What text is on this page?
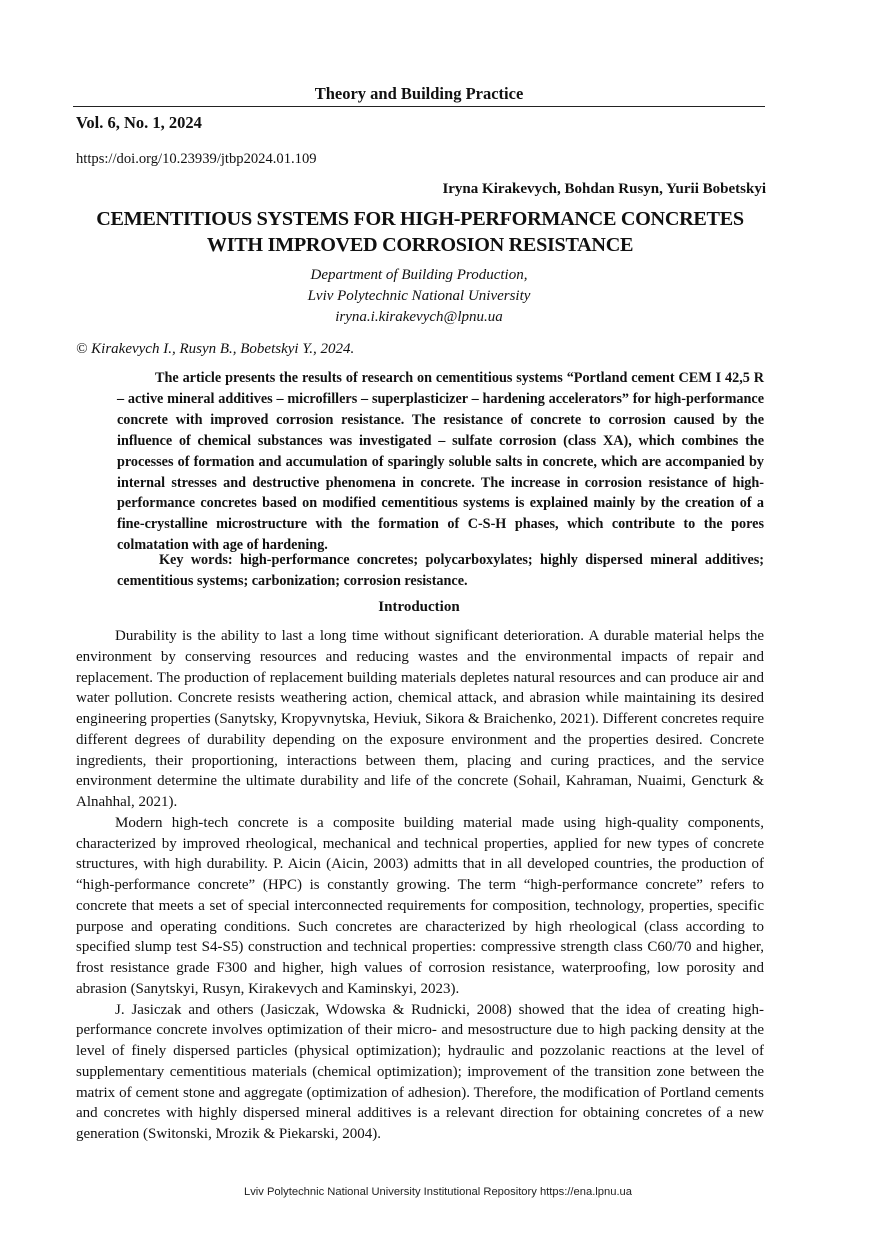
Theory and Building Practice
Vol. 6, No. 1, 2024
https://doi.org/10.23939/jtbp2024.01.109
Iryna Kirakevych, Bohdan Rusyn, Yurii Bobetskyi
CEMENTITIOUS SYSTEMS FOR HIGH-PERFORMANCE CONCRETES
WITH IMPROVED CORROSION RESISTANCE
Department of Building Production,
Lviv Polytechnic National University
iryna.i.kirakevych@lpnu.ua
© Kirakevych I., Rusyn B., Bobetskyi Y., 2024.

The article presents the results of research on cementitious systems “Portland cement CEM I 42,5 R – active mineral additives – microfillers – superplasticizer – hardening accelerators” for high-performance concrete with improved corrosion resistance. The resistance of concrete to corrosion caused by the influence of chemical substances was investigated – sulfate corrosion (class XA), which combines the processes of formation and accumulation of sparingly soluble salts in concrete, which are accompanied by internal stresses and destructive phenomena in concrete. The increase in corrosion resistance of high-performance concretes based on modified cementitious systems is explained mainly by the creation of a fine-crystalline microstructure with the formation of C-S-H phases, which contribute to the pores colmatation with age of hardening.

Key words: high-performance concretes; polycarboxylates; highly dispersed mineral additives; cementitious systems; carbonization; corrosion resistance.

Introduction

Durability is the ability to last a long time without significant deterioration. A durable material helps the environment by conserving resources and reducing wastes and the environmental impacts of repair and replacement. The production of replacement building materials depletes natural resources and can produce air and water pollution. Concrete resists weathering action, chemical attack, and abrasion while maintaining its desired engineering properties (Sanytsky, Kropyvnytska, Heviuk, Sikora & Braichenko, 2021). Different concretes require different degrees of durability depending on the exposure environment and the properties desired. Concrete ingredients, their proportioning, interactions between them, placing and curing practices, and the service environment determine the ultimate durability and life of the concrete (Sohail, Kahraman, Nuaimi, Gencturk & Alnahhal, 2021).

Modern high-tech concrete is a composite building material made using high-quality components, characterized by improved rheological, mechanical and technical properties, applied for new types of concrete structures, with high durability. P. Aicin (Aicin, 2003) admitts that in all developed countries, the production of “high-performance concrete” (HPC) is constantly growing. The term “high-performance concrete” refers to concrete that meets a set of special interconnected requirements for composition, technology, properties, specific purpose and operating conditions. Such concretes are characterized by high rheological (class according to specified slump test S4-S5) construction and technical properties: compressive strength class C60/70 and higher, frost resistance grade F300 and higher, high values of corrosion resistance, waterproofing, low porosity and abrasion (Sanytskyi, Rusyn, Kirakevych and Kaminskyi, 2023).

J. Jasiczak and others (Jasiczak, Wdowska & Rudnicki, 2008) showed that the idea of creating high-performance concrete involves optimization of their micro- and mesostructure due to high packing density at the level of finely dispersed particles (physical optimization); hydraulic and pozzolanic reactions at the level of supplementary cementitious materials (chemical optimization); improvement of the transition zone between the matrix of cement stone and aggregate (optimization of adhesion). Therefore, the modification of Portland cements and concretes with highly dispersed mineral additives is a relevant direction for obtaining concretes of a new generation (Switonski, Mrozik & Piekarski, 2004).

Lviv Polytechnic National University Institutional Repository https://ena.lpnu.ua
